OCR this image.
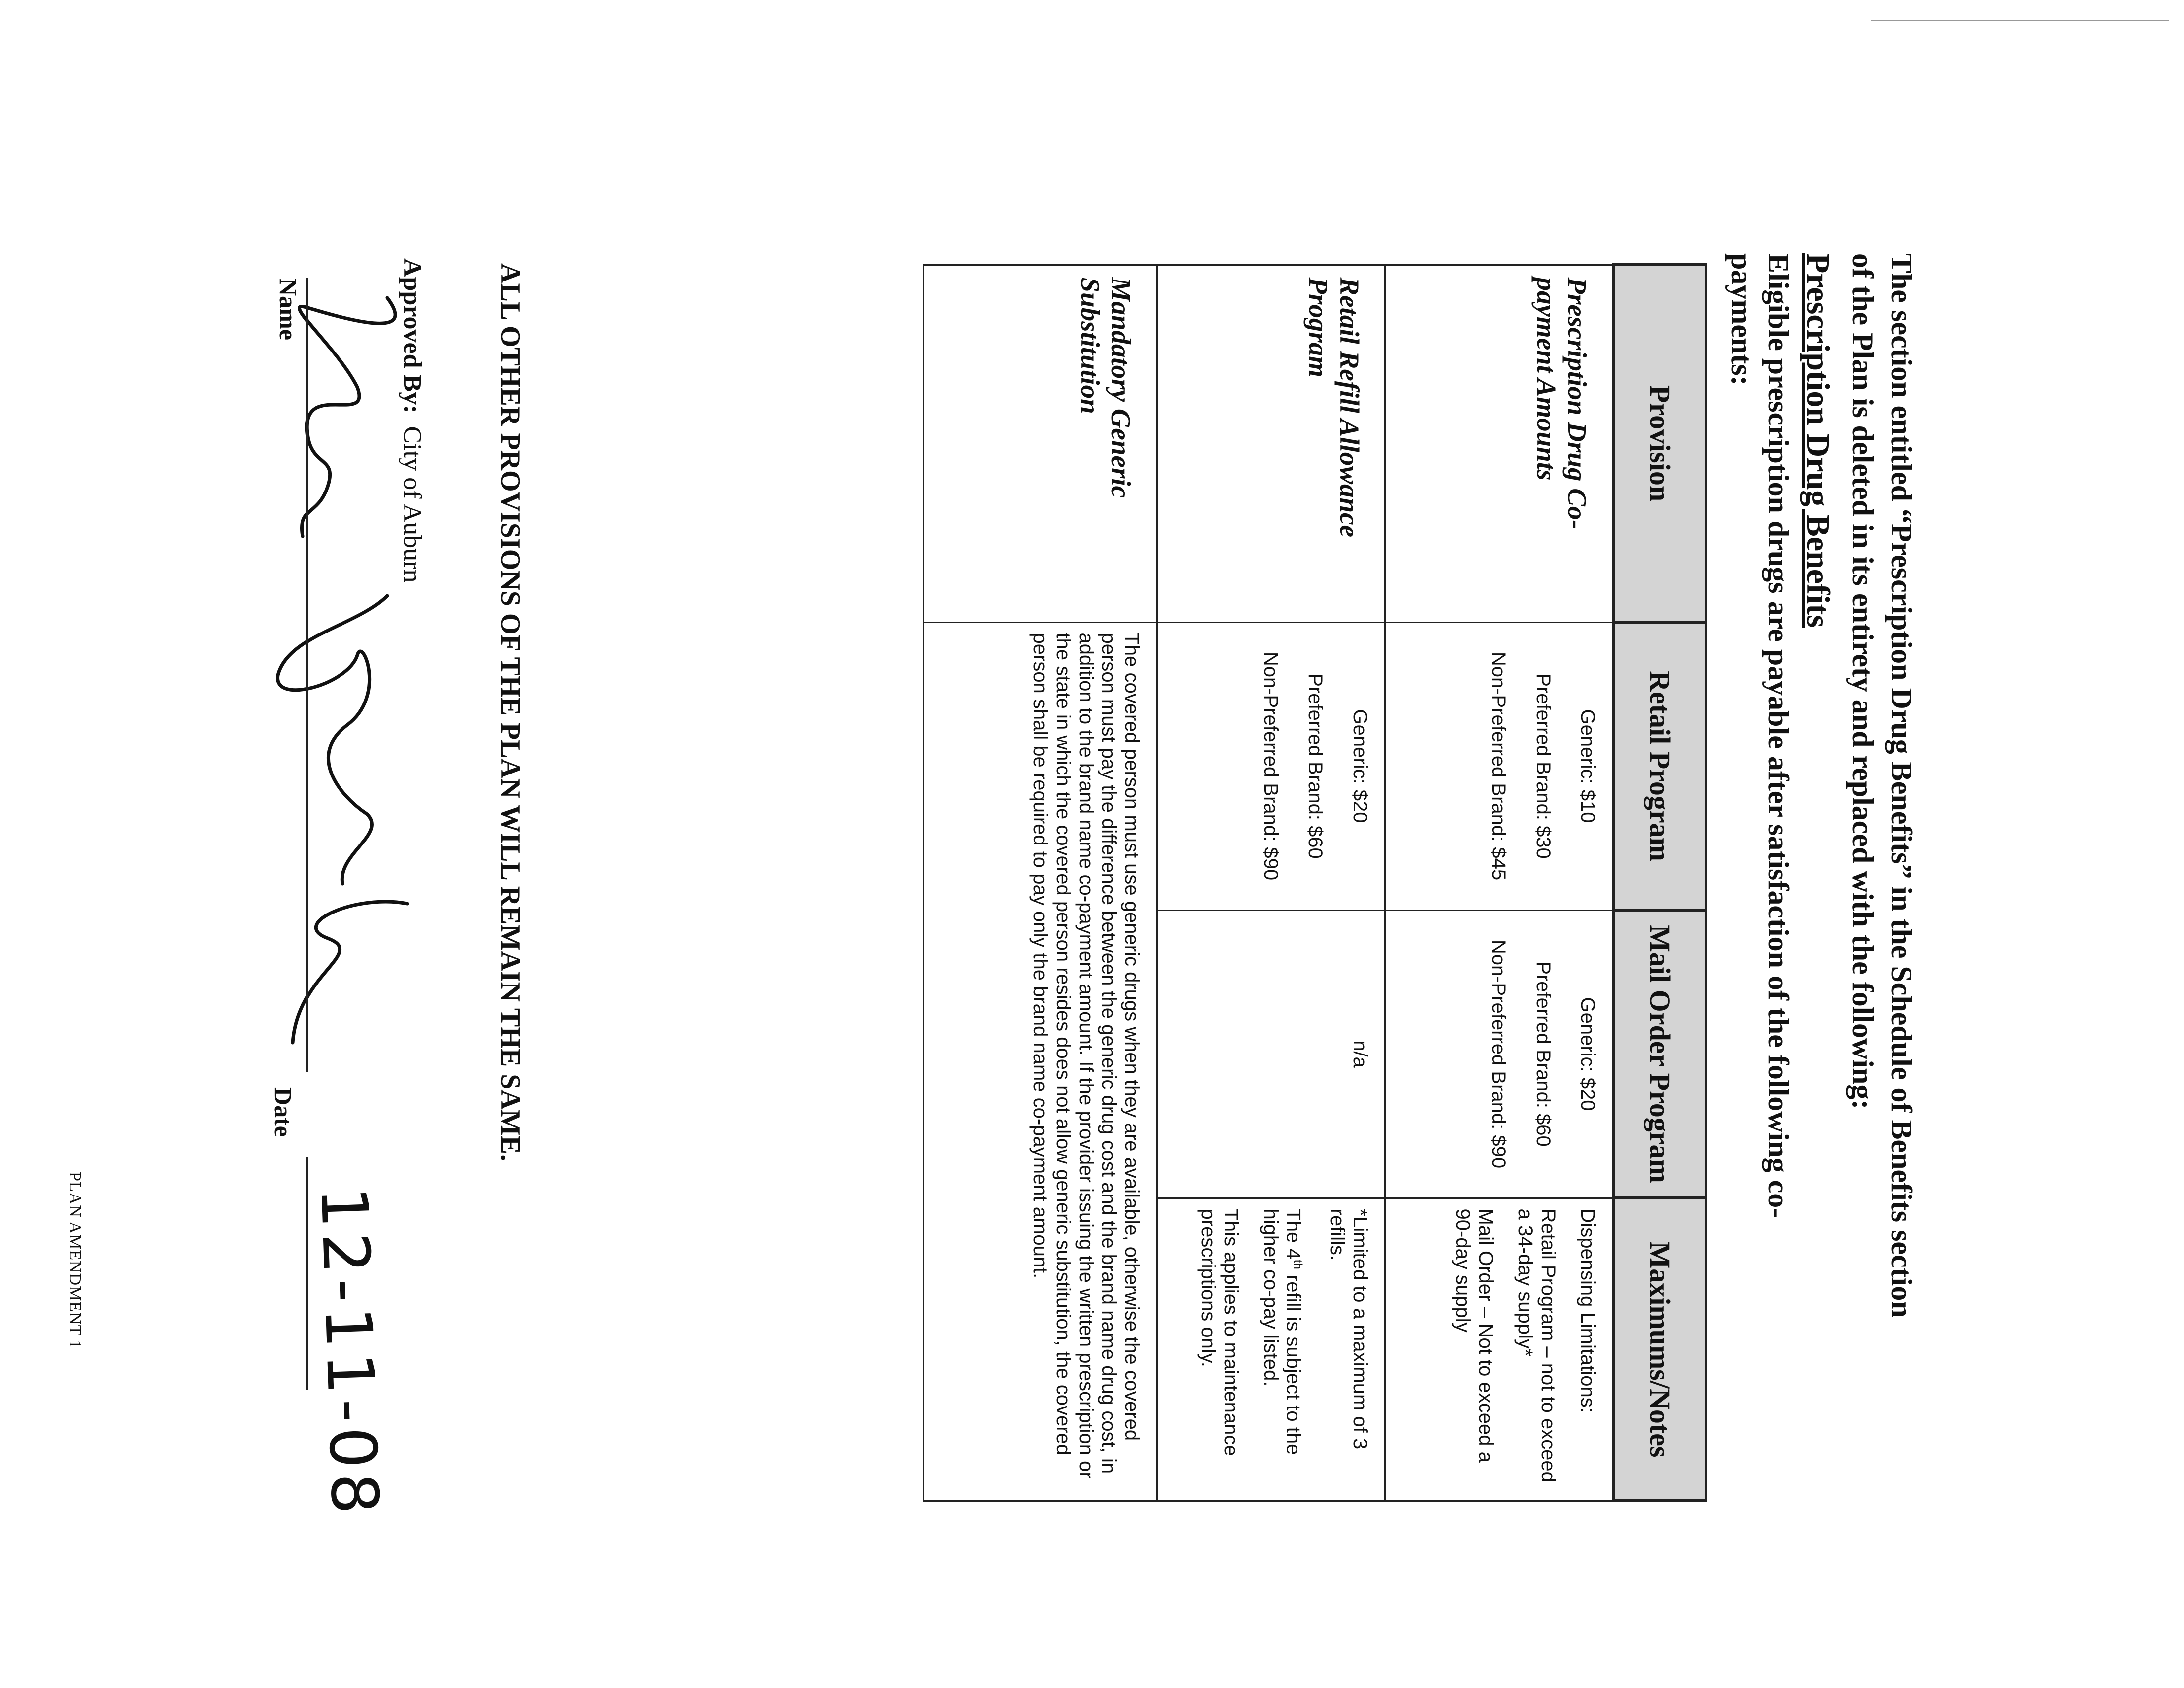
The section entitled “Prescription Drug Benefits” in the Schedule of Benefits section of the Plan is deleted in its entirety and replaced with the following:
Prescription Drug Benefits
Eligible prescription drugs are payable after satisfaction of the following co-payments:
Provision	Retail Program	Mail Order Program	Maximums/Notes
Prescription Drug Co-payment Amounts	Generic: $10
Preferred Brand: $30
Non-Preferred Brand: $45	Generic: $20
Preferred Brand: $60
Non-Preferred Brand: $90	Dispensing Limitations:
Retail Program – not to exceed a 34-day supply*
Mail Order – Not to exceed a 90-day supply

Retail Refill Allowance Program	Generic: $20
Preferred Brand: $60
Non-Preferred Brand: $90	n/a	*Limited to a maximum of 3 refills.
The 4th refill is subject to the higher co-pay listed.
This applies to maintenance prescriptions only.

Mandatory Generic Substitution	The covered person must use generic drugs when they are available, otherwise the covered person must pay the difference between the generic drug cost and the brand name drug cost, in addition to the brand name co-payment amount. If the provider issuing the written prescription or the state in which the covered person resides does not allow generic substitution, the covered person shall be required to pay only the brand name co-payment amount.		
ALL OTHER PROVISIONS OF THE PLAN WILL REMAIN THE SAME.
Approved By:  City of Auburn
Name
12-11-08
Date
PLAN AMENDMENT 1
